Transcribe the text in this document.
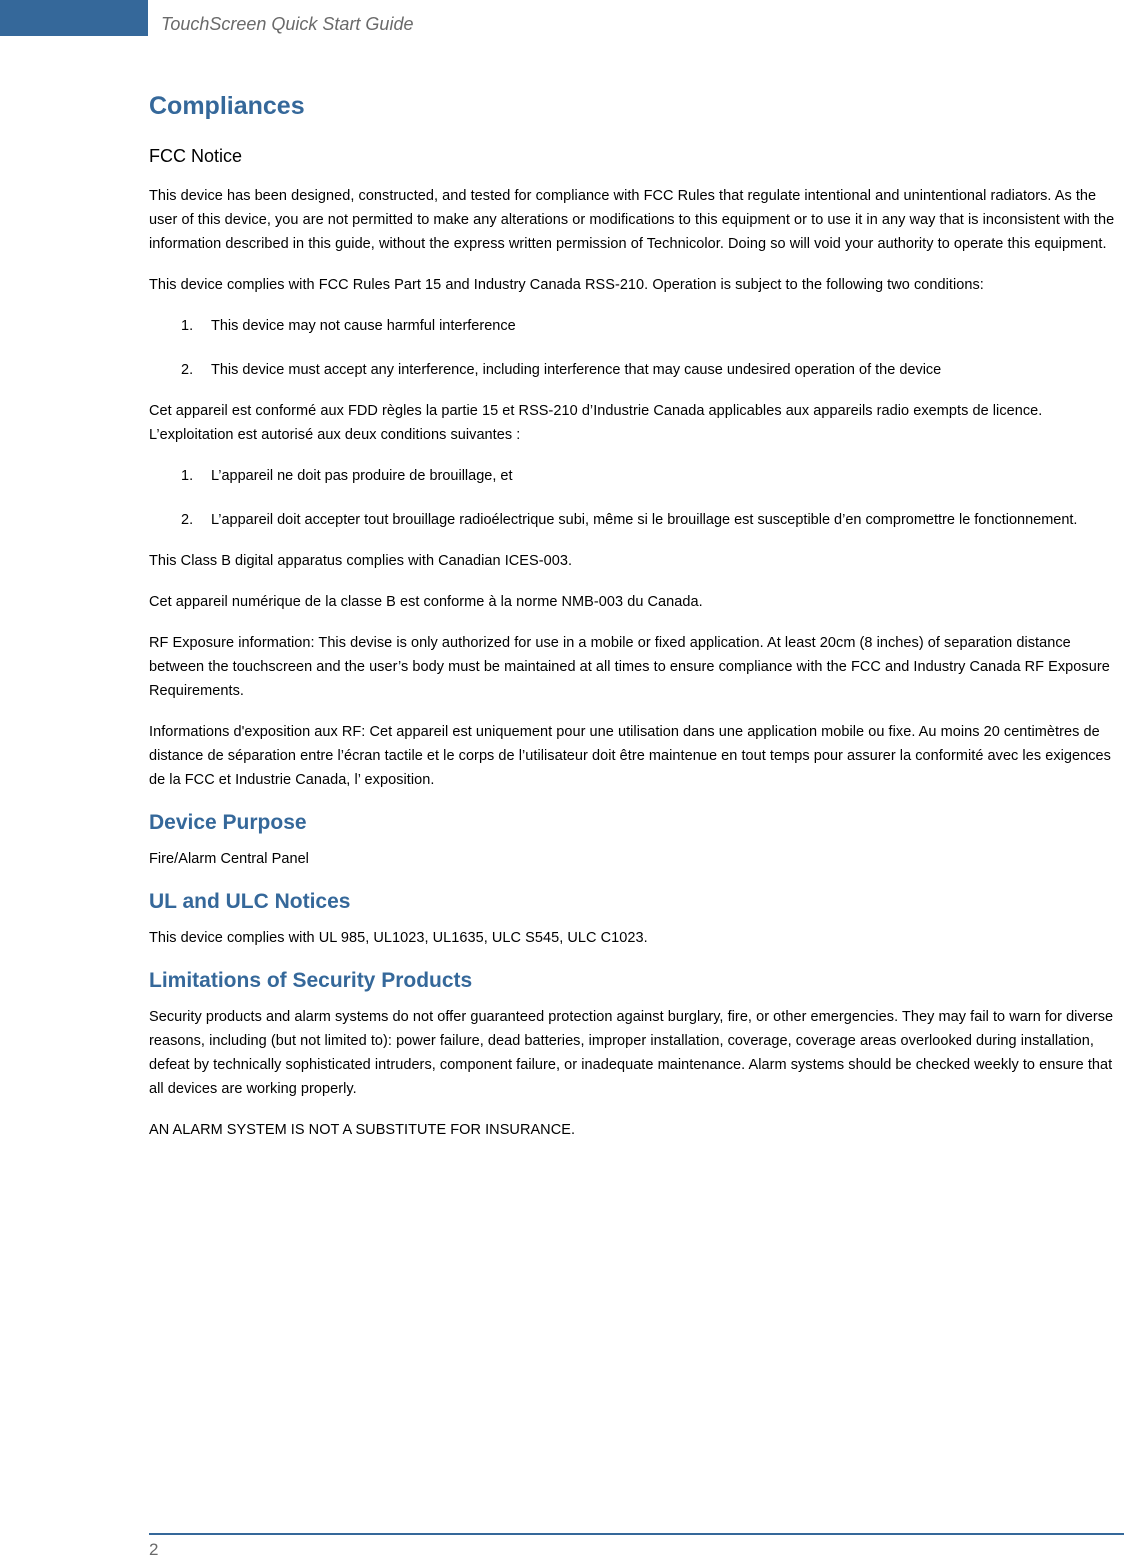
TouchScreen Quick Start Guide
Compliances
FCC Notice

This device has been designed, constructed, and tested for compliance with FCC Rules that regulate intentional and unintentional radiators. As the user of this device, you are not permitted to make any alterations or modifications to this equipment or to use it in any way that is inconsistent with the information described in this guide, without the express written permission of Technicolor. Doing so will void your authority to operate this equipment.

This device complies with FCC Rules Part 15 and Industry Canada RSS-210. Operation is subject to the following two conditions:

1. This device may not cause harmful interference
2. This device must accept any interference, including interference that may cause undesired operation of the device

Cet appareil est conformé aux FDD règles la partie 15 et RSS-210 d’Industrie Canada applicables aux appareils radio exempts de licence. L’exploitation est autorisé aux deux conditions suivantes :

1. L’appareil ne doit pas produire de brouillage, et
2. L’appareil doit accepter tout brouillage radioélectrique subi, même si le brouillage est susceptible d’en compromettre le fonctionnement.

This Class B digital apparatus complies with Canadian ICES-003.

Cet appareil numérique de la classe B est conforme à la norme NMB-003 du Canada.

RF Exposure information: This devise is only authorized for use in a mobile or fixed application. At least 20cm (8 inches) of separation distance between the touchscreen and the user’s body must be maintained at all times to ensure compliance with the FCC and Industry Canada RF Exposure Requirements.

Informations d'exposition aux RF: Cet appareil est uniquement pour une utilisation dans une application mobile ou fixe. Au moins 20 centimètres de distance de séparation entre l’écran tactile et le corps de l’utilisateur doit être maintenue en tout temps pour assurer la conformité avec les exigences de la FCC et Industrie Canada, l’ exposition.

Device Purpose

Fire/Alarm Central Panel

UL and ULC Notices

This device complies with UL 985, UL1023, UL1635, ULC S545, ULC C1023.

Limitations of Security Products

Security products and alarm systems do not offer guaranteed protection against burglary, fire, or other emergencies. They may fail to warn for diverse reasons, including (but not limited to): power failure, dead batteries, improper installation, coverage, coverage areas overlooked during installation, defeat by technically sophisticated intruders, component failure, or inadequate maintenance. Alarm systems should be checked weekly to ensure that all devices are working properly.

AN ALARM SYSTEM IS NOT A SUBSTITUTE FOR INSURANCE.

2
